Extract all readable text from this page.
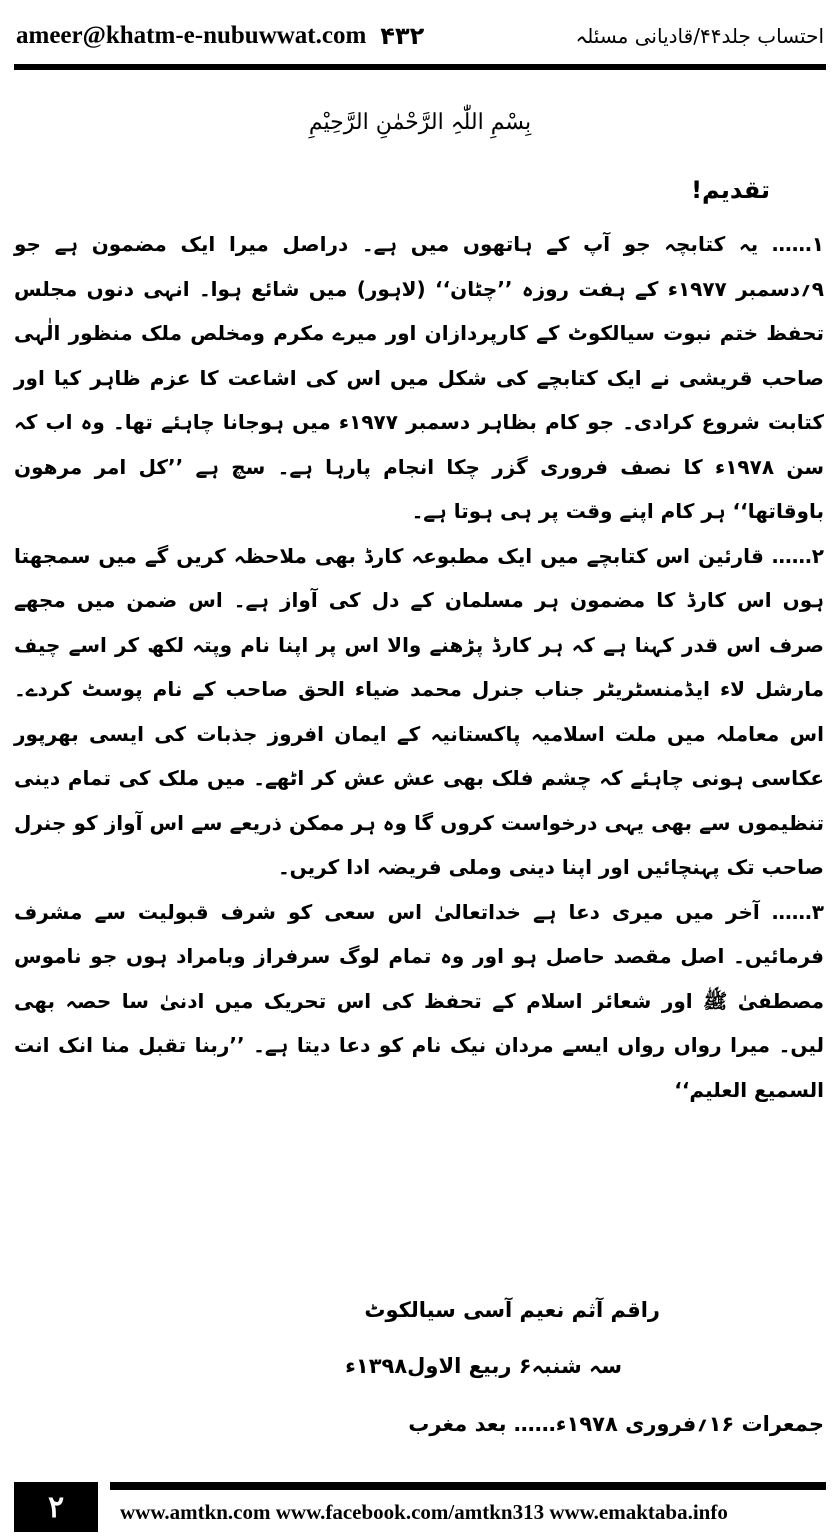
ameer@khatm-e-nubuwwat.com ۴۳۲	احتساب جلد۴۴/قادیانی مسئلہ
بِسْمِ اللّٰہِ الرَّحْمٰنِ الرَّحِیْمِ
تقدیم!

۱…… یہ کتابچہ جو آپ کے ہاتھوں میں ہے۔ دراصل میرا ایک مضمون ہے جو ۹؍دسمبر ۱۹۷۷ء کے ہفت روزہ ’’چٹان‘‘ (لاہور) میں شائع ہوا۔ انہی دنوں مجلس تحفظ ختم نبوت سیالکوٹ کے کارپردازان اور میرے مکرم ومخلص ملک منظور الٰہی صاحب قریشی نے ایک کتابچے کی شکل میں اس کی اشاعت کا عزم ظاہر کیا اور کتابت شروع کرادی۔ جو کام بظاہر دسمبر ۱۹۷۷ء میں ہوجانا چاہئے تھا۔ وہ اب کہ سن ۱۹۷۸ء کا نصف فروری گزر چکا انجام پارہا ہے۔ سچ ہے ’’کل امر مرھون باوقاتھا‘‘ ہر کام اپنے وقت پر ہی ہوتا ہے۔

۲…… قارئین اس کتابچے میں ایک مطبوعہ کارڈ بھی ملاحظہ کریں گے میں سمجھتا ہوں اس کارڈ کا مضمون ہر مسلمان کے دل کی آواز ہے۔ اس ضمن میں مجھے صرف اس قدر کہنا ہے کہ ہر کارڈ پڑھنے والا اس پر اپنا نام وپتہ لکھ کر اسے چیف مارشل لاء ایڈمنسٹریٹر جناب جنرل محمد ضیاء الحق صاحب کے نام پوسٹ کردے۔ اس معاملہ میں ملت اسلامیہ پاکستانیہ کے ایمان افروز جذبات کی ایسی بھرپور عکاسی ہونی چاہئے کہ چشم فلک بھی عش عش کر اٹھے۔ میں ملک کی تمام دینی تنظیموں سے بھی یہی درخواست کروں گا وہ ہر ممکن ذریعے سے اس آواز کو جنرل صاحب تک پہنچائیں اور اپنا دینی وملی فریضہ ادا کریں۔

۳…… آخر میں میری دعا ہے خداتعالیٰ اس سعی کو شرف قبولیت سے مشرف فرمائیں۔ اصل مقصد حاصل ہو اور وہ تمام لوگ سرفراز وبامراد ہوں جو ناموس مصطفیٰ ﷺ اور شعائر اسلام کے تحفظ کی اس تحریک میں ادنیٰ سا حصہ بھی لیں۔ میرا رواں رواں ایسے مردان نیک نام کو دعا دیتا ہے۔ ’’ربنا تقبل منا انک انت السمیع العلیم‘‘

راقم آثم نعیم آسی سیالکوٹ
سہ شنبہ۶ ربیع الاول۱۳۹۸ء
جمعرات ۱۶؍فروری ۱۹۷۸ء…… بعد مغرب
۲	www.amtkn.com www.facebook.com/amtkn313 www.emaktaba.info
